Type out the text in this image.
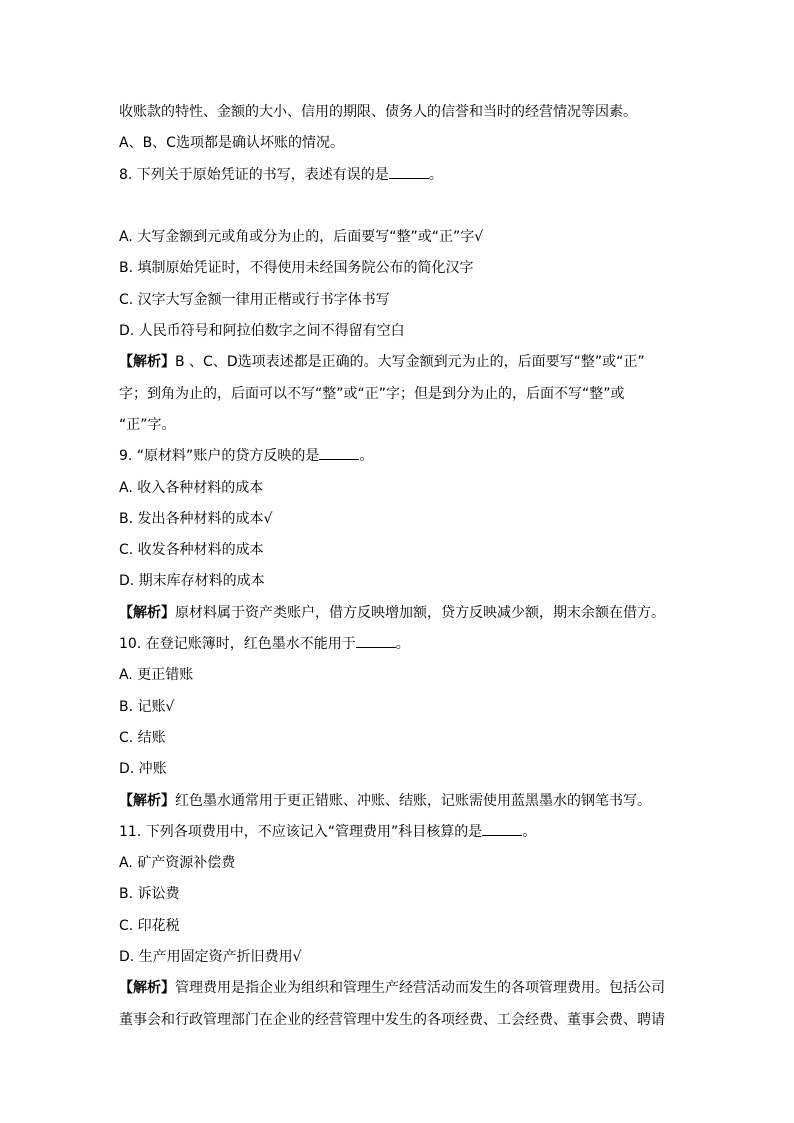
收账款的特性、金额的大小、信用的期限、债务人的信誉和当时的经营情况等因素。
A、B、C选项都是确认坏账的情况。
8. 下列关于原始凭证的书写，表述有误的是	。
A. 大写金额到元或角或分为止的，后面要写“整”或“正”字√
B. 填制原始凭证时，不得使用未经国务院公布的简化汉字
C. 汉字大写金额一律用正楷或行书字体书写
D. 人民币符号和阿拉伯数字之间不得留有空白
【解析】B 、C、D选项表述都是正确的。大写金额到元为止的，后面要写“整”或“正”
字；到角为止的，后面可以不写“整”或“正”字；但是到分为止的，后面不写“整”或
“正”字。
9. “原材料”账户的贷方反映的是	。
A. 收入各种材料的成本
B. 发出各种材料的成本√
C. 收发各种材料的成本
D. 期末库存材料的成本
【解析】原材料属于资产类账户，借方反映增加额，贷方反映减少额，期末余额在借方。
10. 在登记账簿时，红色墨水不能用于	。
A. 更正错账
B. 记账√
C. 结账
D. 冲账
【解析】红色墨水通常用于更正错账、冲账、结账，记账需使用蓝黑墨水的钢笔书写。
11. 下列各项费用中，不应该记入“管理费用”科目核算的是	。
A. 矿产资源补偿费
B. 诉讼费
C. 印花税
D. 生产用固定资产折旧费用√
【解析】管理费用是指企业为组织和管理生产经营活动而发生的各项管理费用。包括公司
董事会和行政管理部门在企业的经营管理中发生的各项经费、工会经费、董事会费、聘请
